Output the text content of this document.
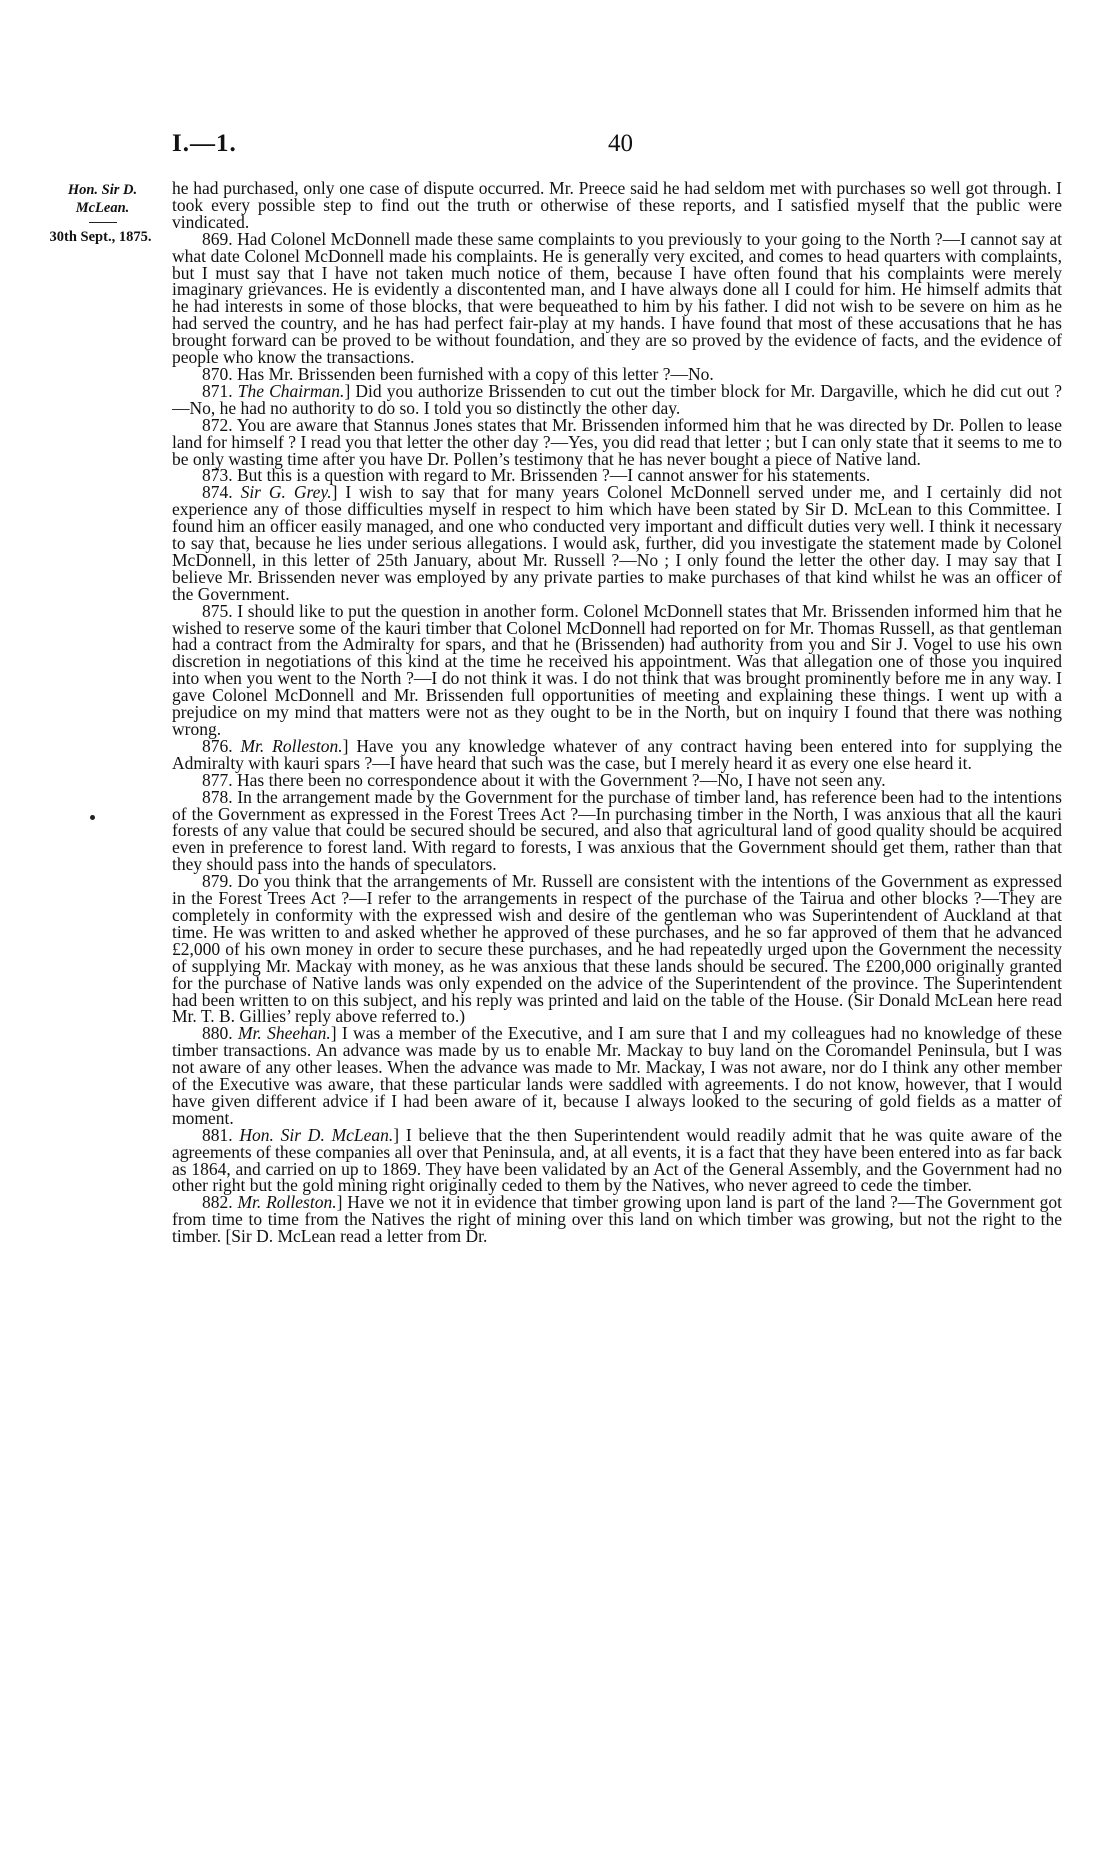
I.—1.	40
Hon. Sir D.
McLean.
30th Sept., 1875.

he had purchased, only one case of dispute occurred. Mr. Preece said he had seldom met with purchases so well got through. I took every possible step to find out the truth or otherwise of these reports, and I satisfied myself that the public were vindicated.

869. Had Colonel McDonnell made these same complaints to you previously to your going to the North ?—I cannot say at what date Colonel McDonnell made his complaints. He is generally very excited, and comes to head quarters with complaints, but I must say that I have not taken much notice of them, because I have often found that his complaints were merely imaginary grievances. He is evidently a discontented man, and I have always done all I could for him. He himself admits that he had interests in some of those blocks, that were bequeathed to him by his father. I did not wish to be severe on him as he had served the country, and he has had perfect fair-play at my hands. I have found that most of these accusations that he has brought forward can be proved to be without foundation, and they are so proved by the evidence of facts, and the evidence of people who know the transactions.

870. Has Mr. Brissenden been furnished with a copy of this letter ?—No.

871. The Chairman.] Did you authorize Brissenden to cut out the timber block for Mr. Dargaville, which he did cut out ?—No, he had no authority to do so. I told you so distinctly the other day.

872. You are aware that Stannus Jones states that Mr. Brissenden informed him that he was directed by Dr. Pollen to lease land for himself ? I read you that letter the other day ?—Yes, you did read that letter ; but I can only state that it seems to me to be only wasting time after you have Dr. Pollen’s testimony that he has never bought a piece of Native land.

873. But this is a question with regard to Mr. Brissenden ?—I cannot answer for his statements.

874. Sir G. Grey.] I wish to say that for many years Colonel McDonnell served under me, and I certainly did not experience any of those difficulties myself in respect to him which have been stated by Sir D. McLean to this Committee. I found him an officer easily managed, and one who conducted very important and difficult duties very well. I think it necessary to say that, because he lies under serious allegations. I would ask, further, did you investigate the statement made by Colonel McDonnell, in this letter of 25th January, about Mr. Russell ?—No ; I only found the letter the other day. I may say that I believe Mr. Brissenden never was employed by any private parties to make purchases of that kind whilst he was an officer of the Government.

875. I should like to put the question in another form. Colonel McDonnell states that Mr. Brissenden informed him that he wished to reserve some of the kauri timber that Colonel McDonnell had reported on for Mr. Thomas Russell, as that gentleman had a contract from the Admiralty for spars, and that he (Brissenden) had authority from you and Sir J. Vogel to use his own discretion in negotiations of this kind at the time he received his appointment. Was that allegation one of those you inquired into when you went to the North ?—I do not think it was. I do not think that was brought prominently before me in any way. I gave Colonel McDonnell and Mr. Brissenden full opportunities of meeting and explaining these things. I went up with a prejudice on my mind that matters were not as they ought to be in the North, but on inquiry I found that there was nothing wrong.

876. Mr. Rolleston.] Have you any knowledge whatever of any contract having been entered into for supplying the Admiralty with kauri spars ?—I have heard that such was the case, but I merely heard it as every one else heard it.

877. Has there been no correspondence about it with the Government ?—No, I have not seen any.

878. In the arrangement made by the Government for the purchase of timber land, has reference been had to the intentions of the Government as expressed in the Forest Trees Act ?—In purchasing timber in the North, I was anxious that all the kauri forests of any value that could be secured should be secured, and also that agricultural land of good quality should be acquired even in preference to forest land. With regard to forests, I was anxious that the Government should get them, rather than that they should pass into the hands of speculators.

879. Do you think that the arrangements of Mr. Russell are consistent with the intentions of the Government as expressed in the Forest Trees Act ?—I refer to the arrangements in respect of the purchase of the Tairua and other blocks ?—They are completely in conformity with the expressed wish and desire of the gentleman who was Superintendent of Auckland at that time. He was written to and asked whether he approved of these purchases, and he so far approved of them that he advanced £2,000 of his own money in order to secure these purchases, and he had repeatedly urged upon the Government the necessity of supplying Mr. Mackay with money, as he was anxious that these lands should be secured. The £200,000 originally granted for the purchase of Native lands was only expended on the advice of the Superintendent of the province. The Superintendent had been written to on this subject, and his reply was printed and laid on the table of the House. (Sir Donald McLean here read Mr. T. B. Gillies’ reply above referred to.)

880. Mr. Sheehan.] I was a member of the Executive, and I am sure that I and my colleagues had no knowledge of these timber transactions. An advance was made by us to enable Mr. Mackay to buy land on the Coromandel Peninsula, but I was not aware of any other leases. When the advance was made to Mr. Mackay, I was not aware, nor do I think any other member of the Executive was aware, that these particular lands were saddled with agreements. I do not know, however, that I would have given different advice if I had been aware of it, because I always looked to the securing of gold fields as a matter of moment.

881. Hon. Sir D. McLean.] I believe that the then Superintendent would readily admit that he was quite aware of the agreements of these companies all over that Peninsula, and, at all events, it is a fact that they have been entered into as far back as 1864, and carried on up to 1869. They have been validated by an Act of the General Assembly, and the Government had no other right but the gold mining right originally ceded to them by the Natives, who never agreed to cede the timber.

882. Mr. Rolleston.] Have we not it in evidence that timber growing upon land is part of the land ?—The Government got from time to time from the Natives the right of mining over this land on which timber was growing, but not the right to the timber. [Sir D. McLean read a letter from Dr.
